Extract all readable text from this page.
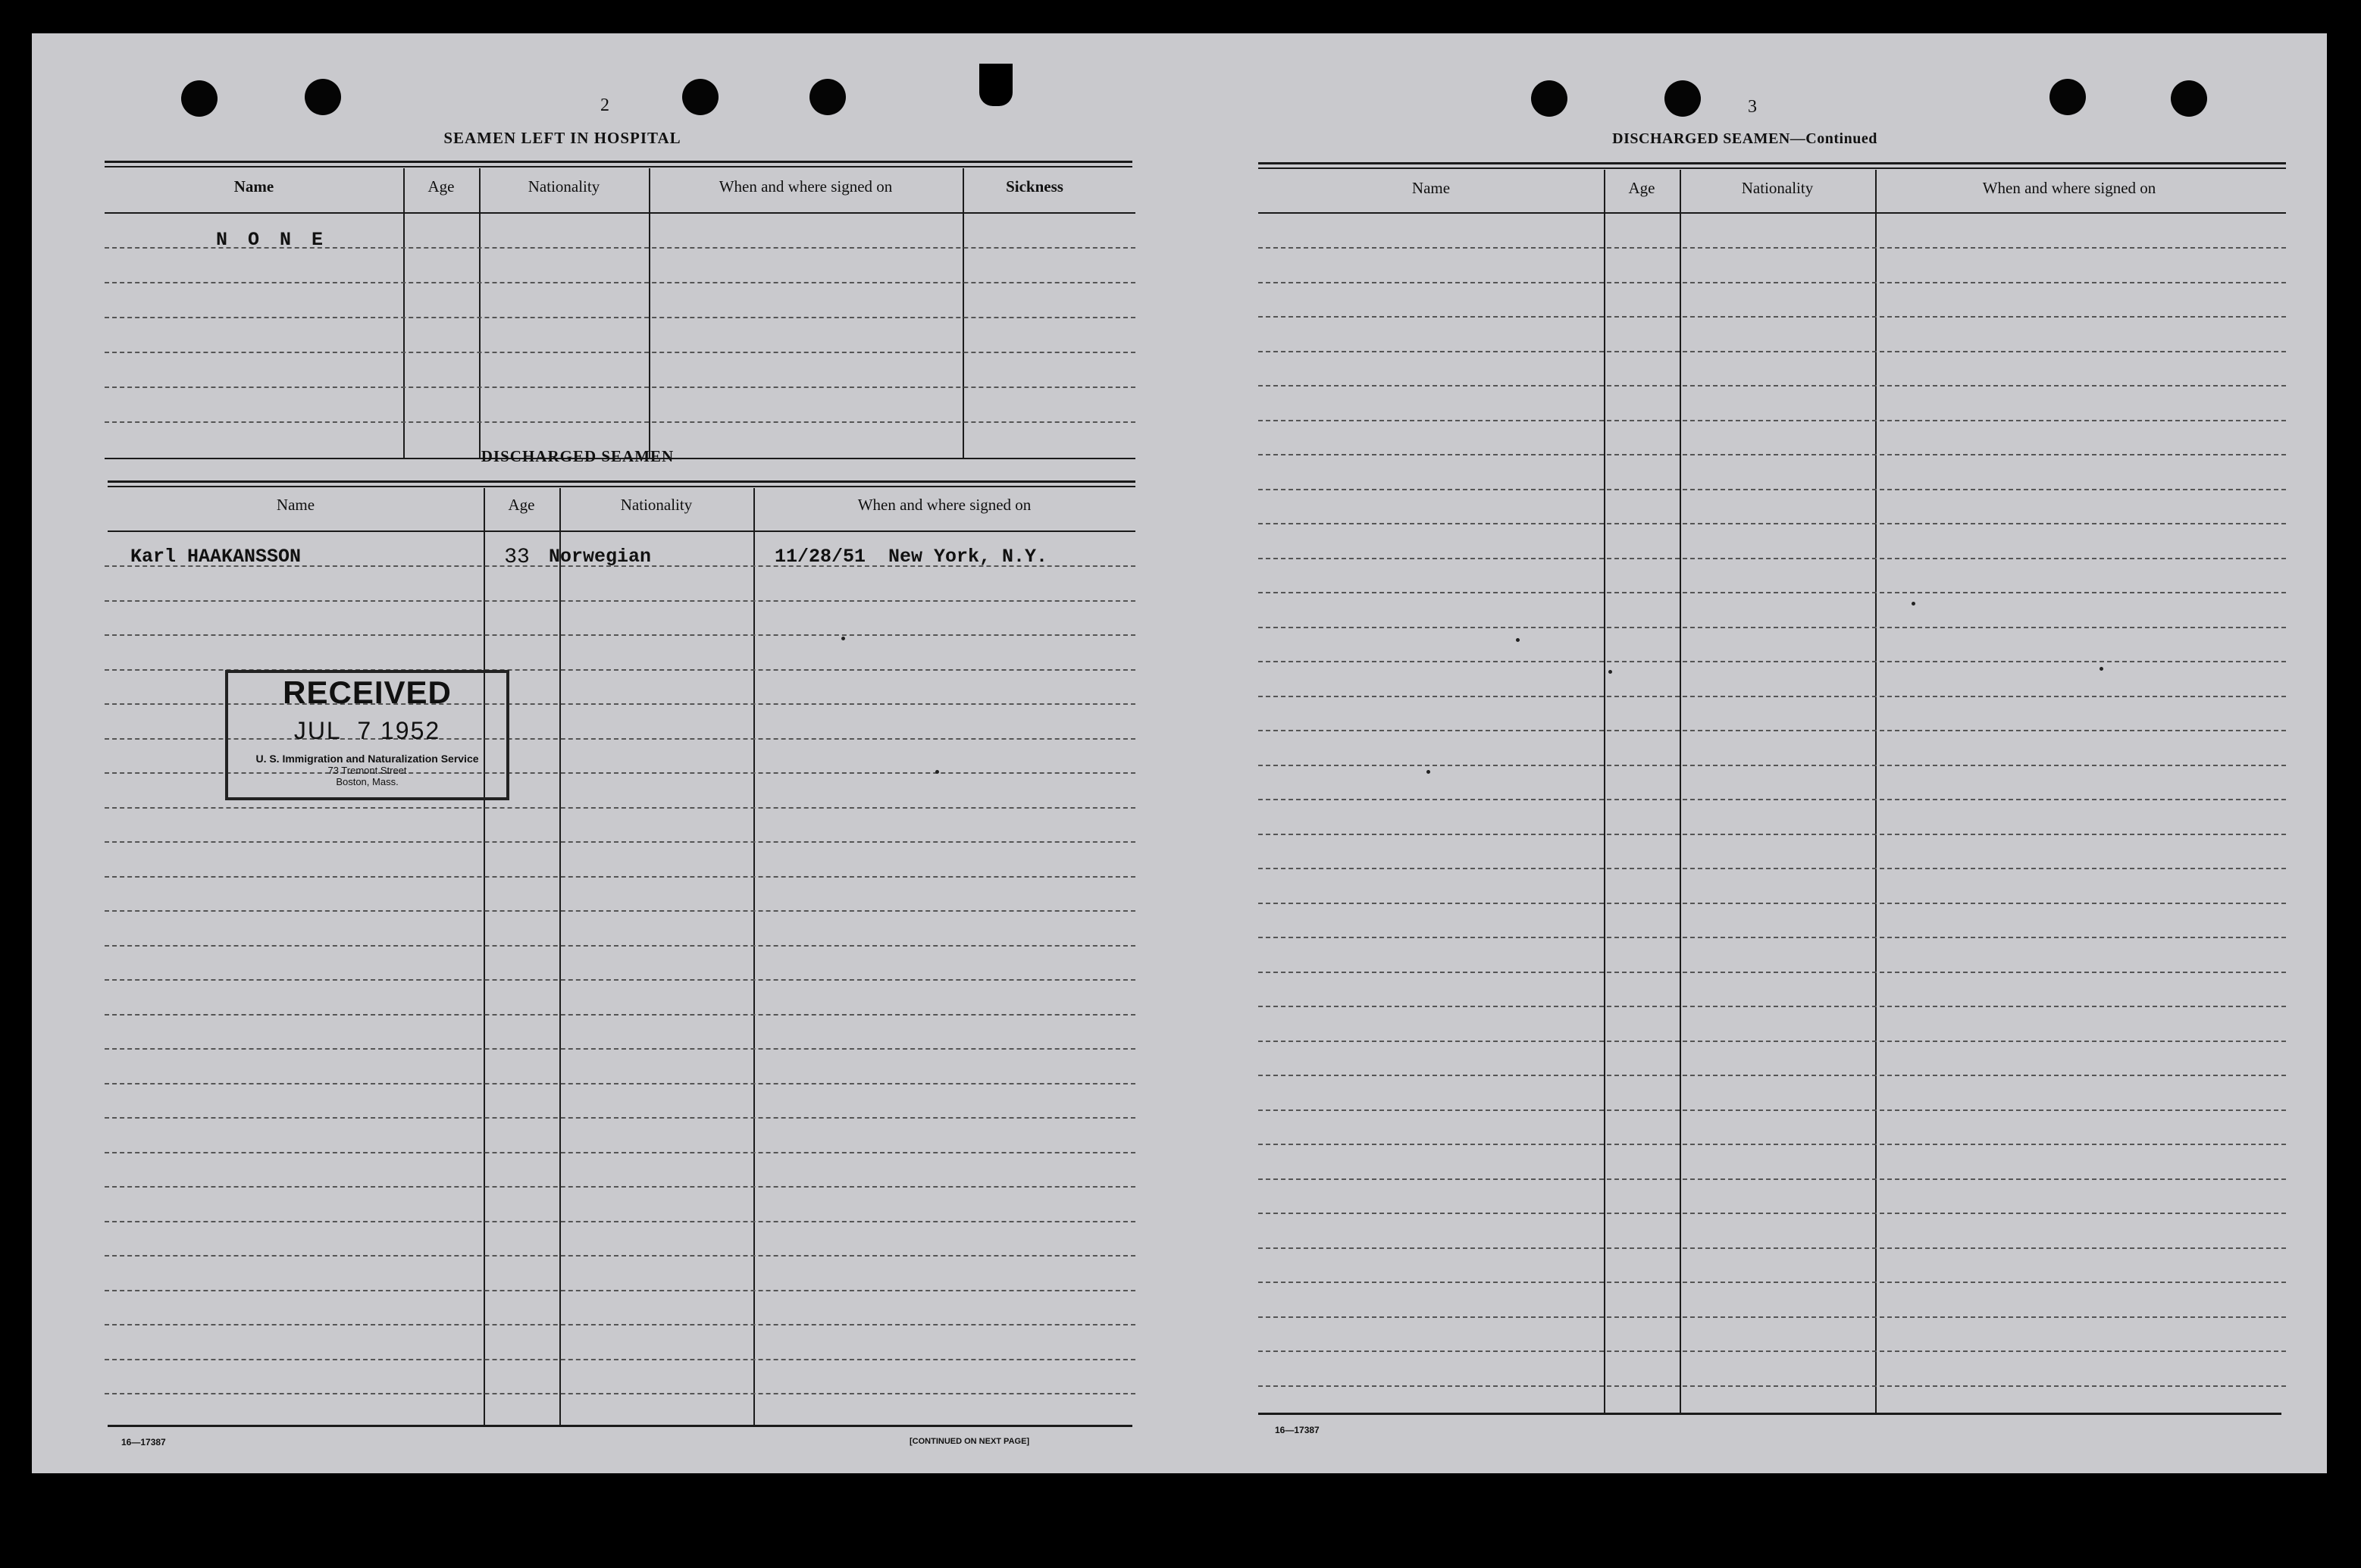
2
SEAMEN LEFT IN HOSPITAL
Name	Age	Nationality	When and where signed on	Sickness
N O N E
DISCHARGED SEAMEN
Name	Age	Nationality	When and where signed on
Karl HAAKANSSON	33	Norwegian	11/28/51  New York, N.Y.
RECEIVED
JUL  7 1952
U. S. Immigration and Naturalization Service
73 Tremont Street
Boston, Mass.
16—17387	[CONTINUED ON NEXT PAGE]
3
DISCHARGED SEAMEN—Continued
Name	Age	Nationality	When and where signed on
16—17387
